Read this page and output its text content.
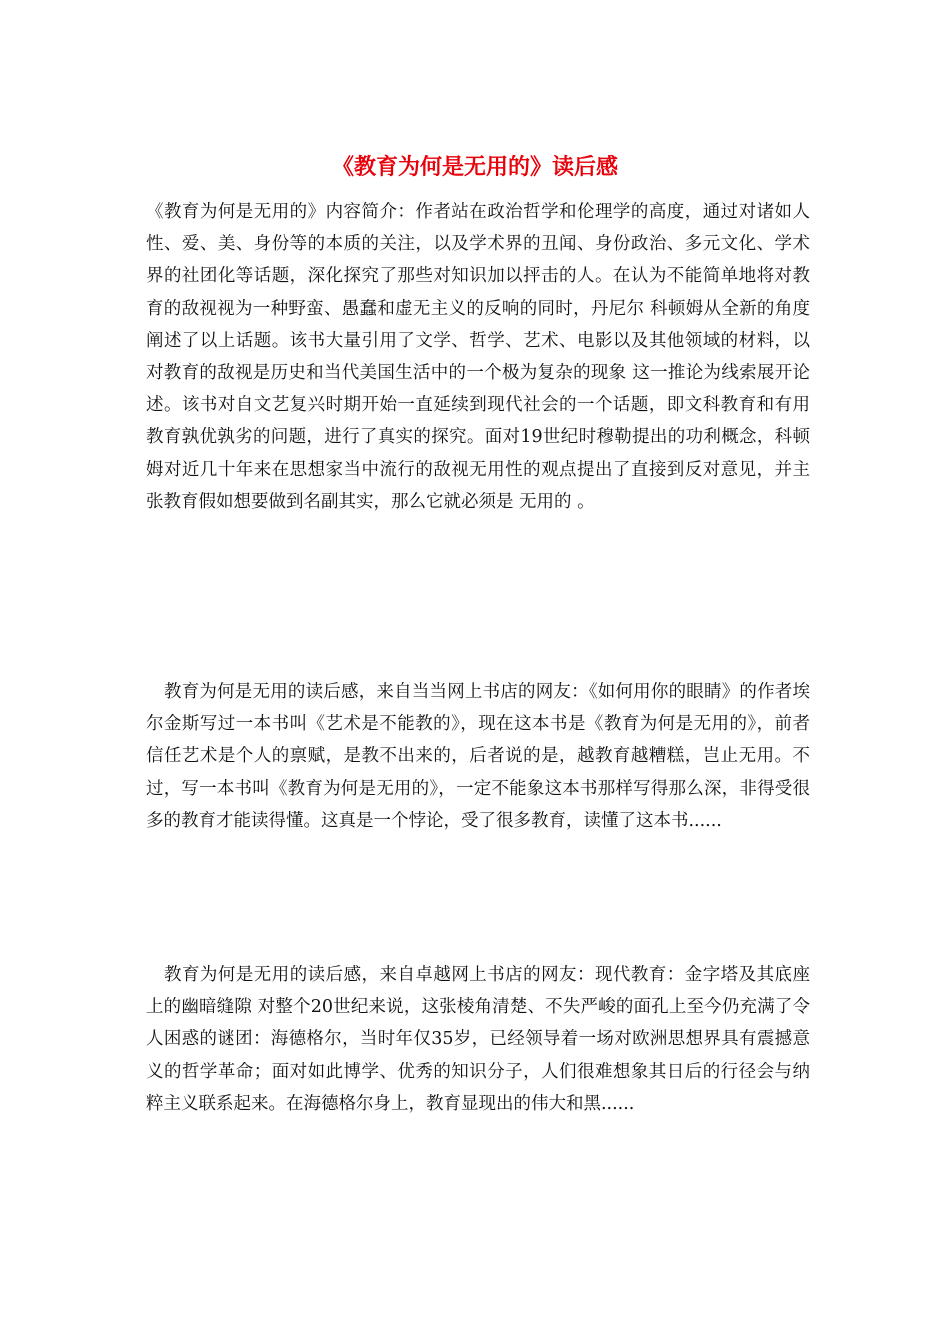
《教育为何是无用的》读后感

《教育为何是无用的》内容简介：作者站在政治哲学和伦理学的高度，通过对诸如人性、爱、美、身份等的本质的关注，以及学术界的丑闻、身份政治、多元文化、学术界的社团化等话题，深化探究了那些对知识加以抨击的人。在认为不能简单地将对教育的敌视视为一种野蛮、愚蠢和虚无主义的反响的同时，丹尼尔 科顿姆从全新的角度阐述了以上话题。该书大量引用了文学、哲学、艺术、电影以及其他领域的材料，以 对教育的敌视是历史和当代美国生活中的一个极为复杂的现象 这一推论为线索展开论述。该书对自文艺复兴时期开始一直延续到现代社会的一个话题，即文科教育和有用教育孰优孰劣的问题，进行了真实的探究。面对19世纪时穆勒提出的功利概念，科顿姆对近几十年来在思想家当中流行的敌视无用性的观点提出了直接到反对意见，并主张教育假如想要做到名副其实，那么它就必须是 无用的 。

教育为何是无用的读后感，来自当当网上书店的网友：《如何用你的眼睛》的作者埃尔金斯写过一本书叫《艺术是不能教的》，现在这本书是《教育为何是无用的》，前者信任艺术是个人的禀赋，是教不出来的，后者说的是，越教育越糟糕，岂止无用。不过，写一本书叫《教育为何是无用的》，一定不能象这本书那样写得那么深，非得受很多的教育才能读得懂。这真是一个悖论，受了很多教育，读懂了这本书......

教育为何是无用的读后感，来自卓越网上书店的网友：现代教育：金字塔及其底座上的幽暗缝隙 对整个20世纪来说，这张棱角清楚、不失严峻的面孔上至今仍充满了令人困惑的谜团：海德格尔，当时年仅35岁，已经领导着一场对欧洲思想界具有震撼意义的哲学革命；面对如此博学、优秀的知识分子，人们很难想象其日后的行径会与纳粹主义联系起来。在海德格尔身上，教育显现出的伟大和黑......
